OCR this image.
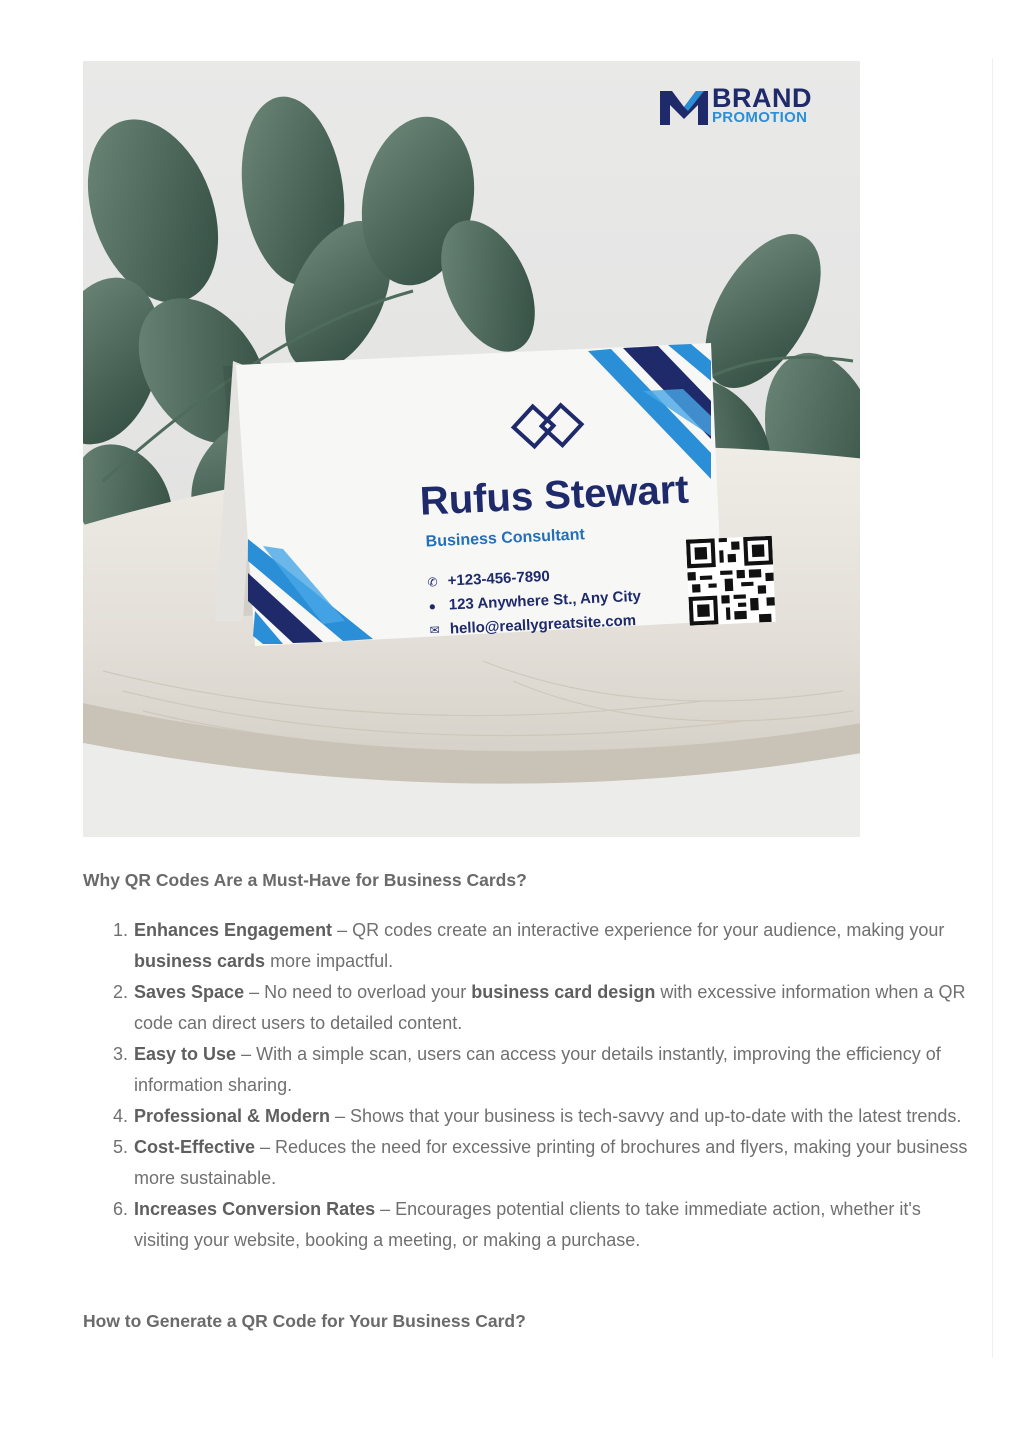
BRAND
PROMOTION
Rufus Stewart
Business Consultant
✆ +123-456-7890
● 123 Anywhere St., Any City
✉ hello@reallygreatsite.com
Why QR Codes Are a Must-Have for Business Cards?
1. Enhances Engagement – QR codes create an interactive experience for your audience, making your business cards more impactful.
2. Saves Space – No need to overload your business card design with excessive information when a QR code can direct users to detailed content.
3. Easy to Use – With a simple scan, users can access your details instantly, improving the efficiency of information sharing.
4. Professional & Modern – Shows that your business is tech-savvy and up-to-date with the latest trends.
5. Cost-Effective – Reduces the need for excessive printing of brochures and flyers, making your business more sustainable.
6. Increases Conversion Rates – Encourages potential clients to take immediate action, whether it's visiting your website, booking a meeting, or making a purchase.
How to Generate a QR Code for Your Business Card?
